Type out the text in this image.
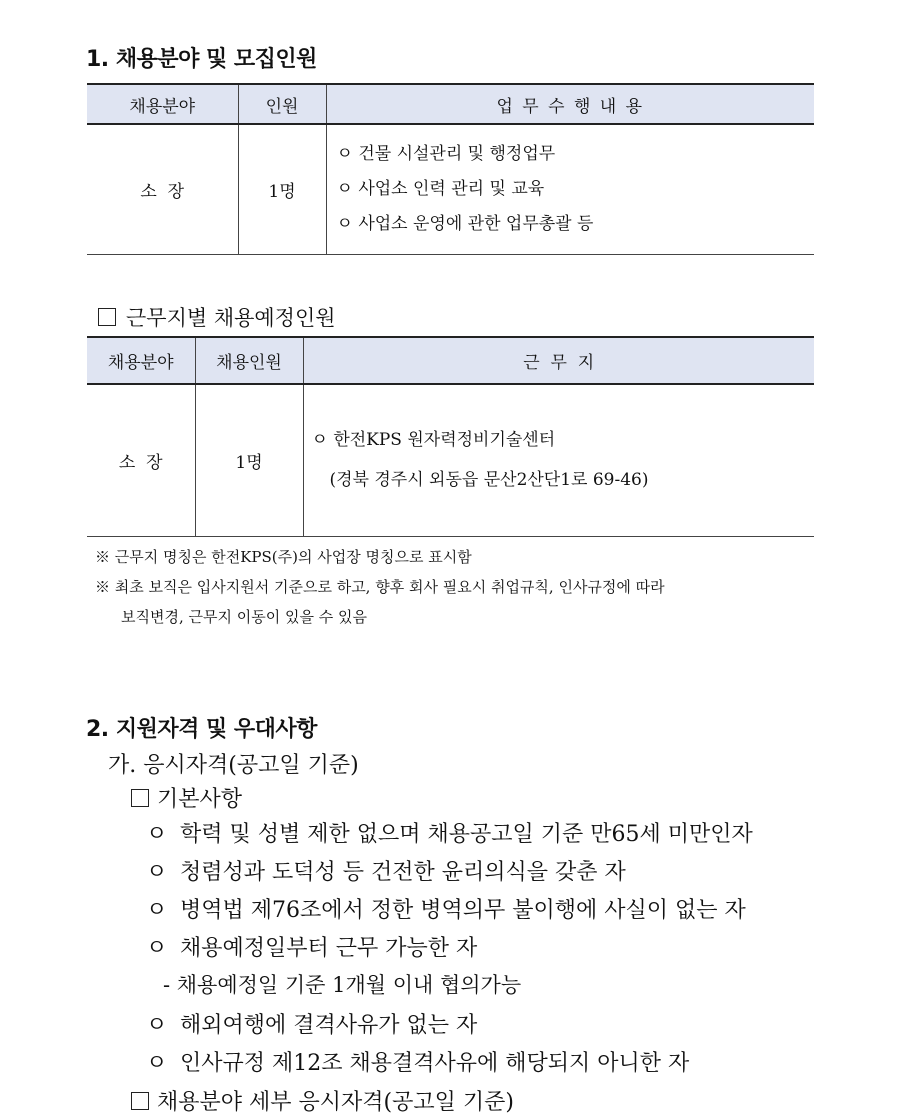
1. 채용분야 및 모집인원
채용분야	인원	업 무 수 행 내 용
소  장	1명	ㅇ 건물 시설관리 및 행정업무
ㅇ 사업소 인력 관리 및 교육
ㅇ 사업소 운영에 관한 업무총괄 등
근무지별 채용예정인원
채용분야	채용인원	근  무  지
소  장	1명	ㅇ 한전KPS 원자력정비기술센터
(경북 경주시 외동읍 문산2산단1로 69-46)
※ 근무지 명칭은 한전KPS(주)의 사업장 명칭으로 표시함
※ 최초 보직은 입사지원서 기준으로 하고, 향후 회사 필요시 취업규칙, 인사규정에 따라
보직변경, 근무지 이동이 있을 수 있음
2. 지원자격 및 우대사항
가. 응시자격(공고일 기준)
기본사항
ㅇ 학력 및 성별 제한 없으며 채용공고일 기준 만65세 미만인자
ㅇ 청렴성과 도덕성 등 건전한 윤리의식을 갖춘 자
ㅇ 병역법 제76조에서 정한 병역의무 불이행에 사실이 없는 자
ㅇ 채용예정일부터 근무 가능한 자
- 채용예정일 기준 1개월 이내 협의가능
ㅇ 해외여행에 결격사유가 없는 자
ㅇ 인사규정 제12조 채용결격사유에 해당되지 아니한 자
채용분야 세부 응시자격(공고일 기준)
